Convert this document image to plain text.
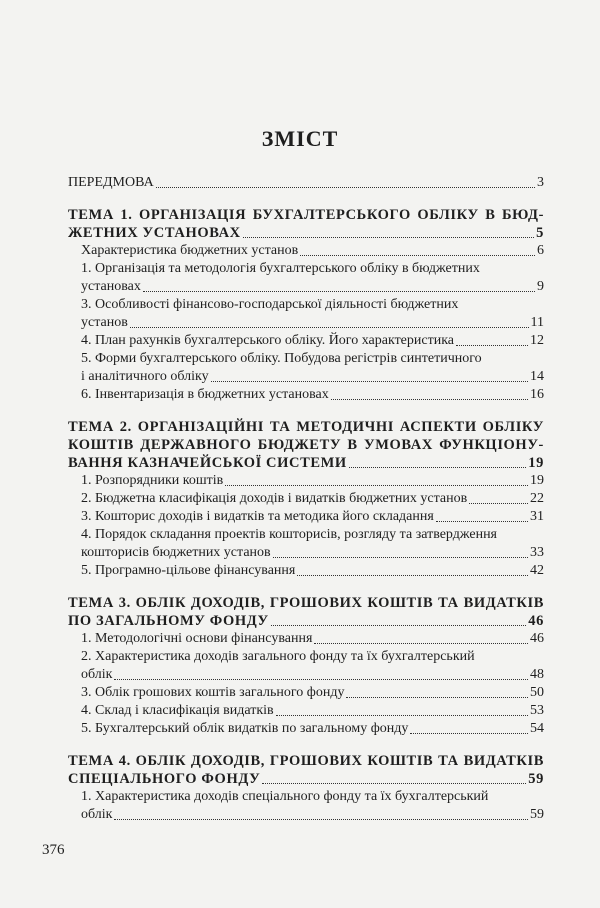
ЗМІСТ
ПЕРЕДМОВА	3
ТЕМА 1. ОРГАНІЗАЦІЯ БУХГАЛТЕРСЬКОГО ОБЛІКУ В БЮД-
ЖЕТНИХ УСТАНОВАХ	5
Характеристика бюджетних установ	6
1. Організація та методологія бухгалтерського обліку в бюджетних
установах	9
3. Особливості фінансово-господарської діяльності бюджетних
установ	11
4. План рахунків бухгалтерського обліку. Його характеристика	12
5. Форми бухгалтерського обліку. Побудова регістрів синтетичного
і аналітичного обліку	14
6. Інвентаризація в бюджетних установах	16
ТЕМА 2. ОРГАНІЗАЦІЙНІ ТА МЕТОДИЧНІ АСПЕКТИ ОБЛІКУ
КОШТІВ ДЕРЖАВНОГО БЮДЖЕТУ В УМОВАХ ФУНКЦІОНУ-
ВАННЯ КАЗНАЧЕЙСЬКОЇ СИСТЕМИ	19
1. Розпорядники коштів	19
2. Бюджетна класифікація доходів і видатків бюджетних установ	22
3. Кошторис доходів і видатків та методика його складання	31
4. Порядок складання проектів кошторисів, розгляду та затвердження
кошторисів бюджетних установ	33
5. Програмно-цільове фінансування	42
ТЕМА 3. ОБЛІК ДОХОДІВ, ГРОШОВИХ КОШТІВ ТА ВИДАТКІВ
ПО ЗАГАЛЬНОМУ ФОНДУ	46
1. Методологічні основи фінансування	46
2. Характеристика доходів загального фонду та їх бухгалтерський
облік	48
3. Облік грошових коштів загального фонду	50
4. Склад і класифікація видатків	53
5. Бухгалтерський облік видатків по загальному фонду	54
ТЕМА 4. ОБЛІК ДОХОДІВ, ГРОШОВИХ КОШТІВ ТА ВИДАТКІВ
СПЕЦІАЛЬНОГО ФОНДУ	59
1. Характеристика доходів спеціального фонду та їх бухгалтерський
облік	59
376
